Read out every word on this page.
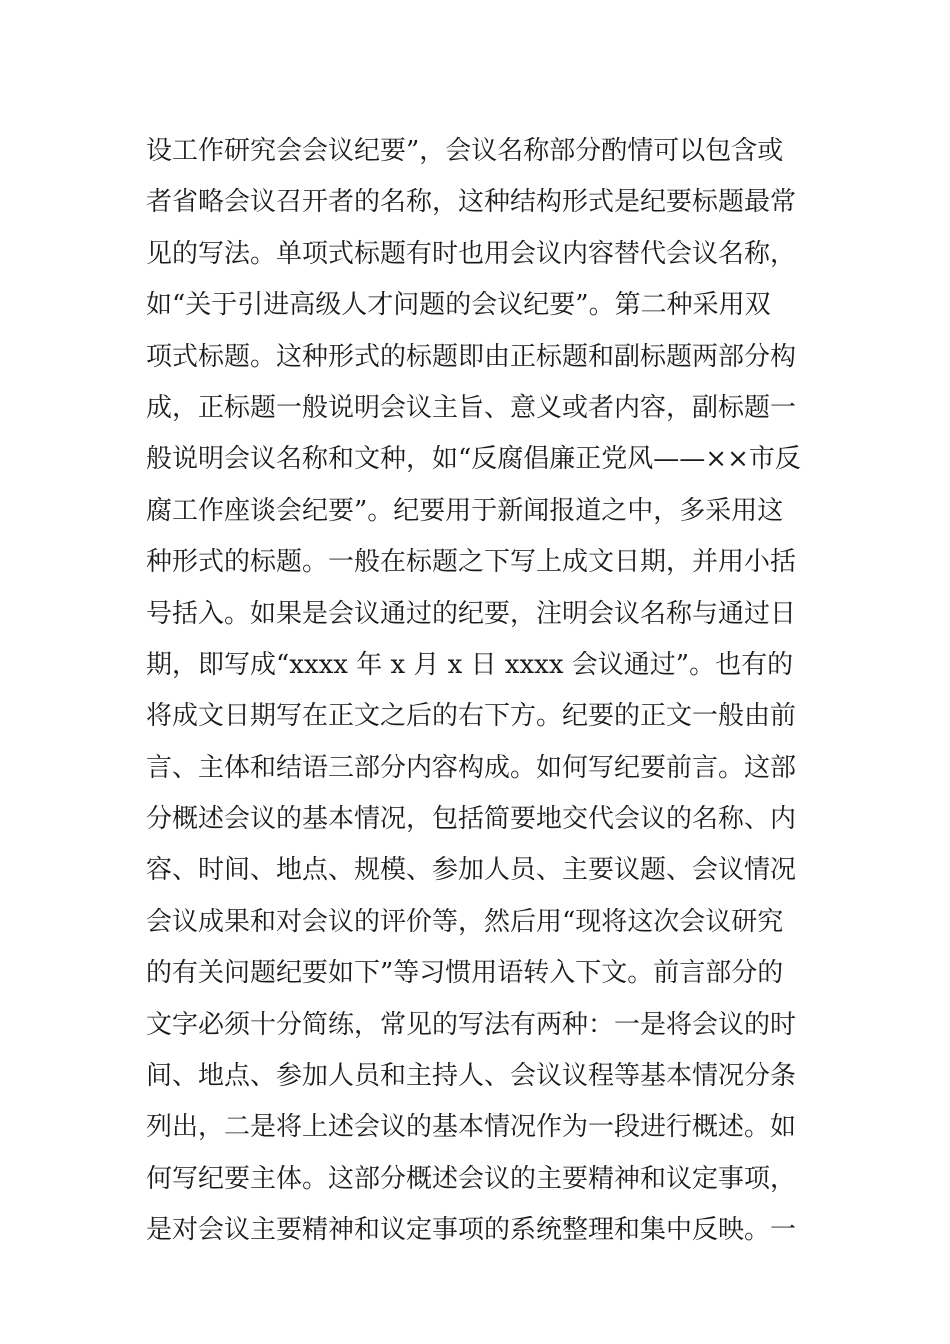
设工作研究会会议纪要”，会议名称部分酌情可以包含或
者省略会议召开者的名称，这种结构形式是纪要标题最常
见的写法。单项式标题有时也用会议内容替代会议名称，
如“关于引进高级人才问题的会议纪要”。第二种采用双
项式标题。这种形式的标题即由正标题和副标题两部分构
成，正标题一般说明会议主旨、意义或者内容，副标题一
般说明会议名称和文种，如“反腐倡廉正党风——××市反
腐工作座谈会纪要”。纪要用于新闻报道之中，多采用这
种形式的标题。一般在标题之下写上成文日期，并用小括
号括入。如果是会议通过的纪要，注明会议名称与通过日
期，即写成“xxxx 年 x 月 x 日 xxxx 会议通过”。也有的
将成文日期写在正文之后的右下方。纪要的正文一般由前
言、主体和结语三部分内容构成。如何写纪要前言。这部
分概述会议的基本情况，包括简要地交代会议的名称、内
容、时间、地点、规模、参加人员、主要议题、会议情况
会议成果和对会议的评价等，然后用“现将这次会议研究
的有关问题纪要如下”等习惯用语转入下文。前言部分的
文字必须十分简练，常见的写法有两种：一是将会议的时
间、地点、参加人员和主持人、会议议程等基本情况分条
列出，二是将上述会议的基本情况作为一段进行概述。如
何写纪要主体。这部分概述会议的主要精神和议定事项，
是对会议主要精神和议定事项的系统整理和集中反映。一
